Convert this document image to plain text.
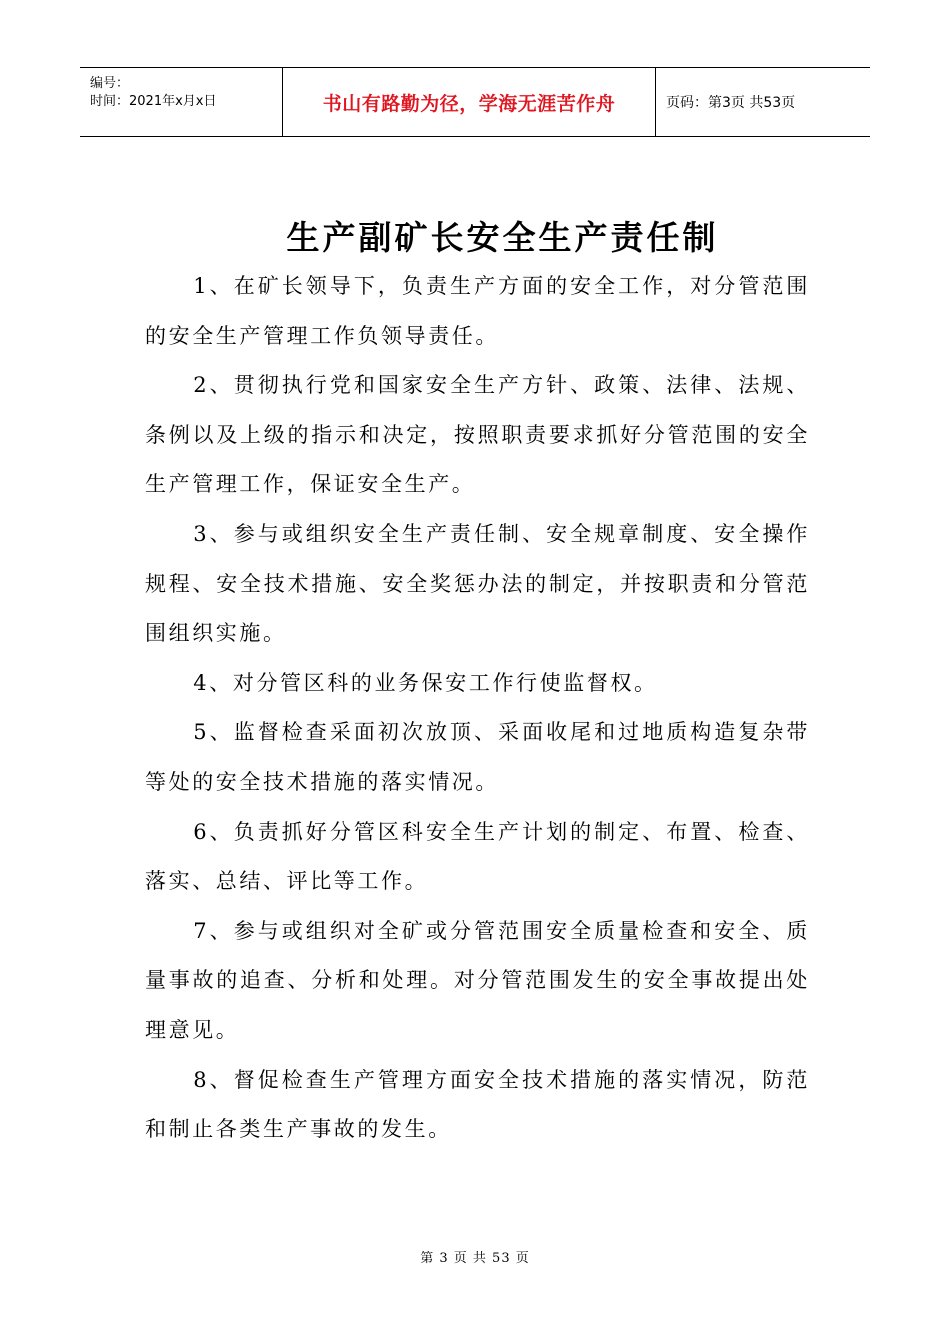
编号：
时间：2021年x月x日	书山有路勤为径，学海无涯苦作舟	页码：第3页 共53页
生产副矿长安全生产责任制

1、在矿长领导下，负责生产方面的安全工作，对分管范围的安全生产管理工作负领导责任。

2、贯彻执行党和国家安全生产方针、政策、法律、法规、条例以及上级的指示和决定，按照职责要求抓好分管范围的安全生产管理工作，保证安全生产。

3、参与或组织安全生产责任制、安全规章制度、安全操作规程、安全技术措施、安全奖惩办法的制定，并按职责和分管范围组织实施。

4、对分管区科的业务保安工作行使监督权。

5、监督检查采面初次放顶、采面收尾和过地质构造复杂带等处的安全技术措施的落实情况。

6、负责抓好分管区科安全生产计划的制定、布置、检查、落实、总结、评比等工作。

7、参与或组织对全矿或分管范围安全质量检查和安全、质量事故的追查、分析和处理。对分管范围发生的安全事故提出处理意见。

8、督促检查生产管理方面安全技术措施的落实情况，防范和制止各类生产事故的发生。

第 3 页 共 53 页
